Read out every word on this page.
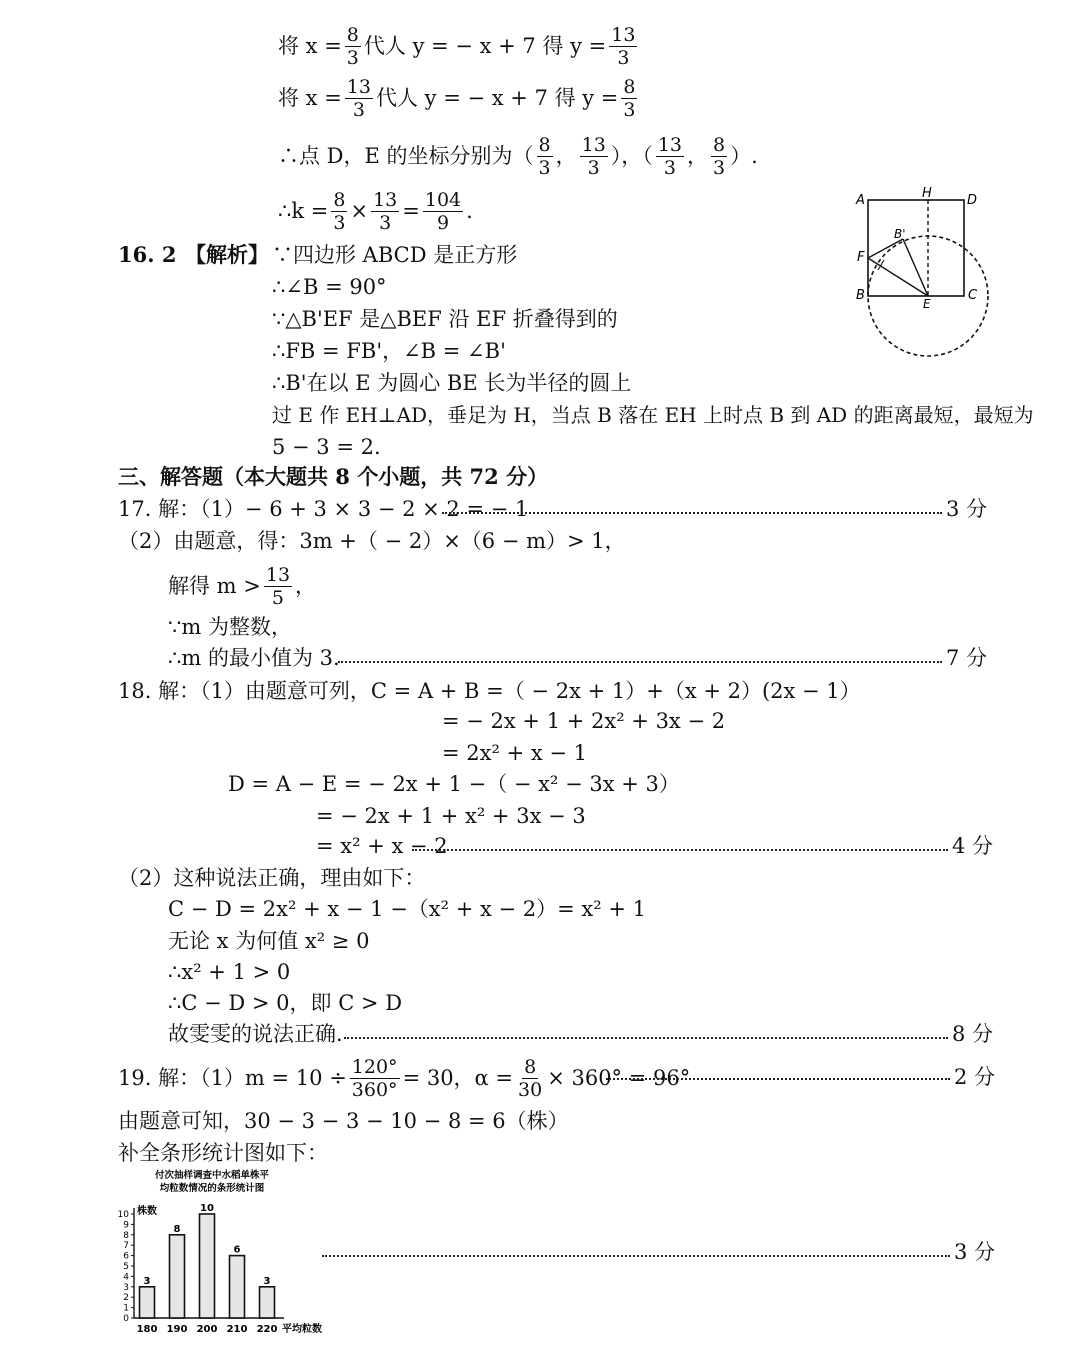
将 $x = \frac{8}{3}$ 代人 y = − x + 7 得 $y = \frac{13}{3}$
将 $x = \frac{13}{3}$ 代人 y = − x + 7 得 $y = \frac{8}{3}$
∴点 D，E 的坐标分别为（ $\frac{8}{3}$ ， $\frac{13}{3}$ ），（ $\frac{13}{3}$ ， $\frac{8}{3}$ ）.
∴k = $\frac{8}{3} \times \frac{13}{3} = \frac{104}{9}$ .
16. 2 【解析】 ∵四边形 ABCD 是正方形
∴∠B = 90°
∵△B'EF 是△BEF 沿 EF 折叠得到的
∴FB = FB'，∠B = ∠B'
∴B'在以 E 为圆心 BE 长为半径的圆上
过 E 作 EH⊥AD，垂足为 H，当点 B 落在 EH 上时点 B 到 AD 的距离最短，最短为
5 − 3 = 2.
A	H	D
B'
F
B
E
C
三、解答题（本大题共 8 个小题，共 72 分）
17. 解：（1）− 6 + 3 × 3 − 2 × 2 = − 1	3 分
（2）由题意，得：3m +（ − 2）×（6 − m）> 1，
解得 $m > \frac{13}{5}$ ，
∵m 为整数，
∴m 的最小值为 3.	7 分
18. 解：（1）由题意可列，C = A + B =（ − 2x + 1）+（x + 2）(2x − 1）
= − 2x + 1 + 2x² + 3x − 2
= 2x² + x − 1
D = A − E = − 2x + 1 −（ − x² − 3x + 3）
= − 2x + 1 + x² + 3x − 3
= x² + x − 2	4 分
（2）这种说法正确，理由如下：
C − D = 2x² + x − 1 −（x² + x − 2）= x² + 1
无论 x 为何值 x² ≥ 0
∴x² + 1 > 0
∴C − D > 0，即 C > D
故雯雯的说法正确.	8 分
19. 解：$(1)m = 10 \div \frac{120^\circ}{360^\circ} = 30$，$\alpha = \frac{8}{30} \times 360^\circ = 96^\circ$	2 分
由题意可知，30 − 3 − 3 − 10 − 8 = 6（株）
补全条形统计图如下：
3 分
付次抽样调查中水稻单株平
均粒数情况的条形统计图
株数
平均粒数
0
1
2
3
4
5
6
7
8
9
10
3
180
8
190
10
200
6
210
3
220
